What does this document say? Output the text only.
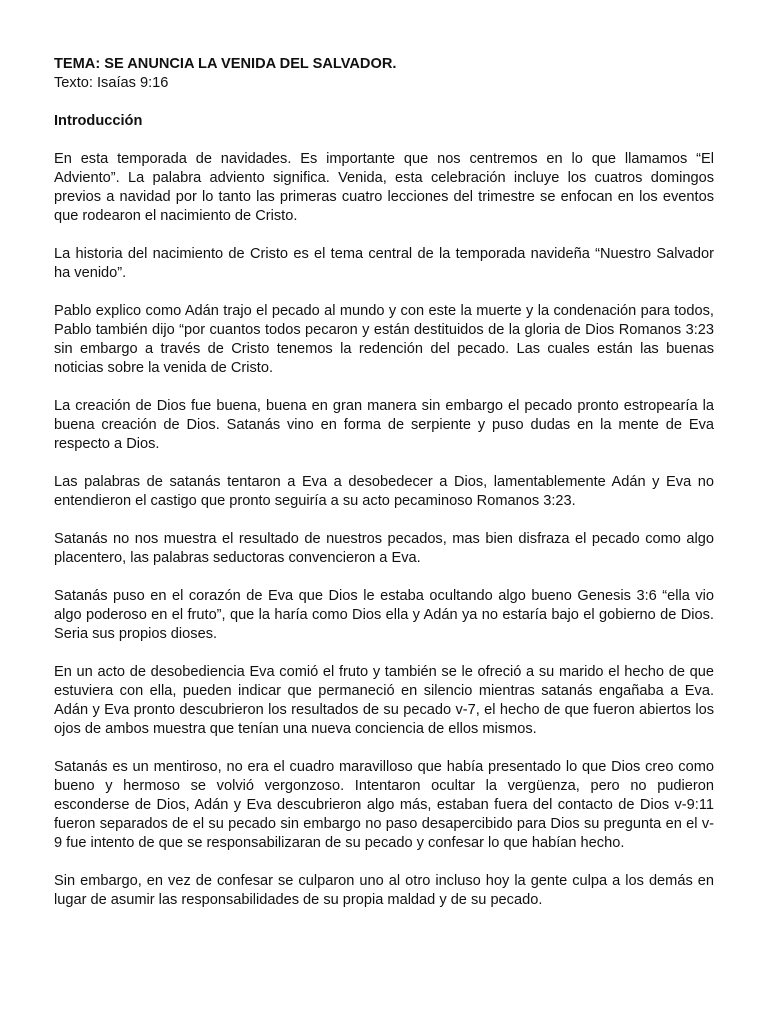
TEMA: SE ANUNCIA LA VENIDA DEL SALVADOR.

Texto: Isaías 9:16

Introducción

En esta temporada de navidades. Es importante que nos centremos en lo que llamamos “El Adviento”. La palabra adviento significa. Venida, esta celebración incluye los cuatros domingos previos a navidad por lo tanto las primeras cuatro lecciones del trimestre se enfocan en los eventos que rodearon el nacimiento de Cristo.

La historia del nacimiento de Cristo es el tema central de la temporada navideña “Nuestro Salvador ha venido”.

Pablo explico como Adán trajo el pecado al mundo y con este la muerte y la condenación para todos, Pablo también dijo “por cuantos todos pecaron y están destituidos de la gloria de Dios Romanos 3:23 sin embargo a través de Cristo tenemos la redención del pecado. Las cuales están las buenas noticias sobre la venida de Cristo.

La creación de Dios fue buena, buena en gran manera sin embargo el pecado pronto estropearía la buena creación de Dios. Satanás vino en forma de serpiente y puso dudas en la mente de Eva respecto a Dios.

Las palabras de satanás tentaron a Eva a desobedecer a Dios, lamentablemente Adán y Eva no entendieron el castigo que pronto seguiría a su acto pecaminoso Romanos 3:23.

Satanás no nos muestra el resultado de nuestros pecados, mas bien disfraza el pecado como algo placentero, las palabras seductoras convencieron a Eva.

Satanás puso en el corazón de Eva que Dios le estaba ocultando algo bueno Genesis 3:6 “ella vio algo poderoso en el fruto”, que la haría como Dios ella y Adán ya no estaría bajo el gobierno de Dios. Seria sus propios dioses.

En un acto de desobediencia Eva comió el fruto y también se le ofreció a su marido el hecho de que estuviera con ella, pueden indicar que permaneció en silencio mientras satanás engañaba a Eva. Adán y Eva pronto descubrieron los resultados de su pecado v-7, el hecho de que fueron abiertos los ojos de ambos muestra que tenían una nueva conciencia de ellos mismos.

Satanás es un mentiroso, no era el cuadro maravilloso que había presentado lo que Dios creo como bueno y hermoso se volvió vergonzoso. Intentaron ocultar la vergüenza, pero no pudieron esconderse de Dios, Adán y Eva descubrieron algo más, estaban fuera del contacto de Dios v-9:11 fueron separados de el su pecado sin embargo no paso desapercibido para Dios su pregunta en el v-9 fue intento de que se responsabilizaran de su pecado y confesar lo que habían hecho.

Sin embargo, en vez de confesar se culparon uno al otro incluso hoy la gente culpa a los demás en lugar de asumir las responsabilidades de su propia maldad y de su pecado.
